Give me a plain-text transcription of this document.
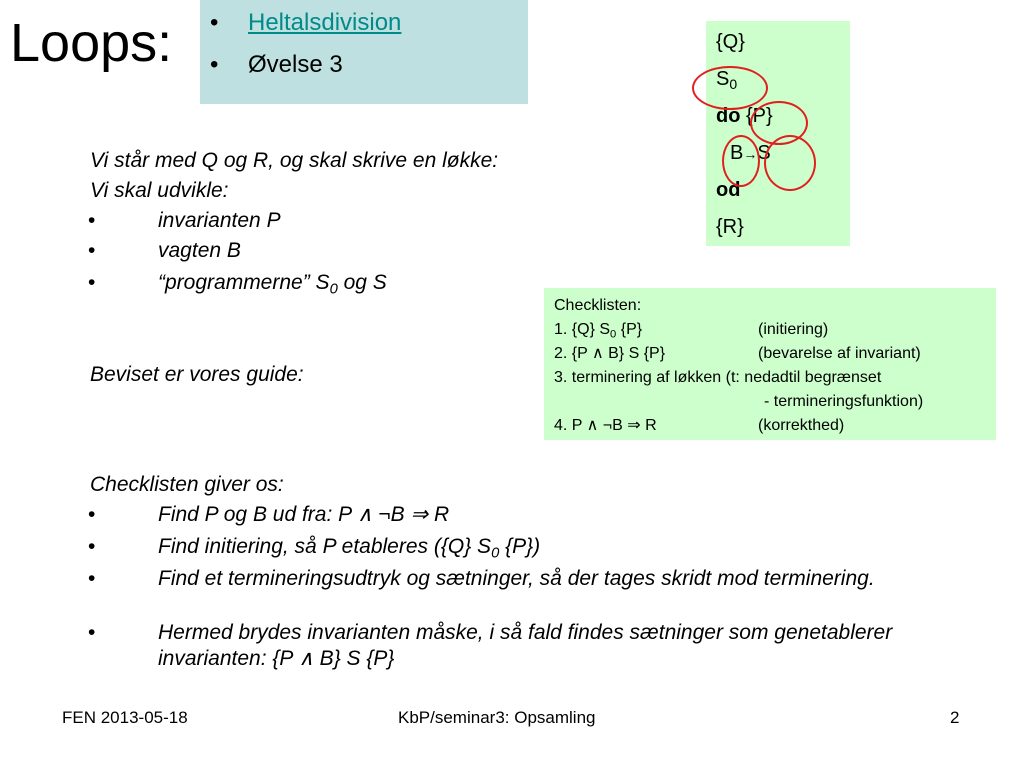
Loops: • Heltalsdivision
• Øvelse 3
{Q}
$S_0$
do {P}
B→S
od
{R}
Vi står med Q og R, og skal skrive en løkke:
Vi skal udvikle:
•	invarianten P
•	vagten B
•	“programmerne” $S_0$ og S
Beviset er vores guide:
Checklisten:
1. {Q} $S_0$ {P}	(initiering)
2. {P ∧ B} S {P}	(bevarelse af invariant)
3. terminering af løkken (t: nedadtil begrænset
- termineringsfunktion)
4. P ∧ ¬B ⇒ R	(korrekthed)
Checklisten giver os:
•	Find P og B ud fra: P ∧ ¬B ⇒ R
•	Find initiering, så P etableres ({Q} $S_0$ {P})
•	Find et termineringsudtryk og sætninger, så der tages skridt mod terminering.
•	Hermed brydes invarianten måske, i så fald findes sætninger som genetablerer invarianten: {P ∧ B} S {P}
FEN 2013-05-18	KbP/seminar3: Opsamling	2
